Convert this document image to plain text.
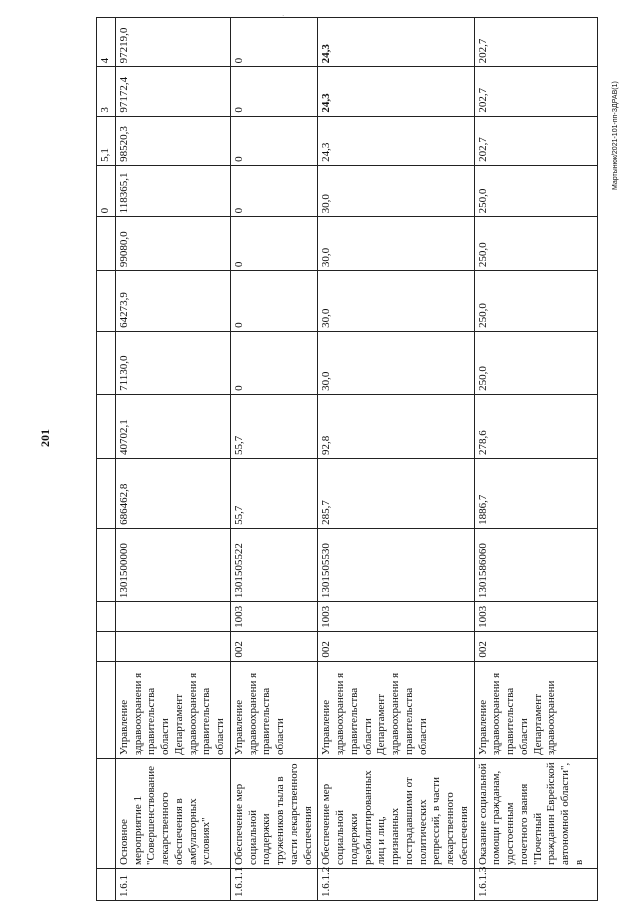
201
Мартынюк/2021-101-пп-ЗДРАВ(1)
·	·
											0	5,1	3	4
1.6.1	Основное мероприятие 1 "Совершенствование лекарственного обеспечения в амбулаторных условиях"	Управление здравоохранени я правительства области Департамент здравоохранени я правительства области			1301500000	686462,8	40702,1	71130,0	64273,9	99080,0	118365,1	98520,3	97172,4	97219,0
1.6.1.1	Обеспечение мер социальной поддержки тружеников тыла в части лекарственного обеспечения	Управление здравоохранени я правительства области	002	1003	1301505522	55,7	55,7	0	0	0	0	0	0	0
1.6.1.2	Обеспечение мер социальной поддержки реабилитированных лиц и лиц, признанных пострадавшими от политических репрессий, в части лекарственного обеспечения	Управление здравоохранени я правительства области Департамент здравоохранени я правительства области	002	1003	1301505530	285,7	92,8	30,0	30,0	30,0	30,0	24,3	24,3	24,3
1.6.1.3	Оказание социальной помощи гражданам, удостоенным почетного звания "Почетный гражданин Еврейской автономной области", в	Управление здравоохранени я правительства области Департамент здравоохранени	002	1003	1301586060	1886,7	278,6	250,0	250,0	250,0	250,0	202,7	202,7	202,7
